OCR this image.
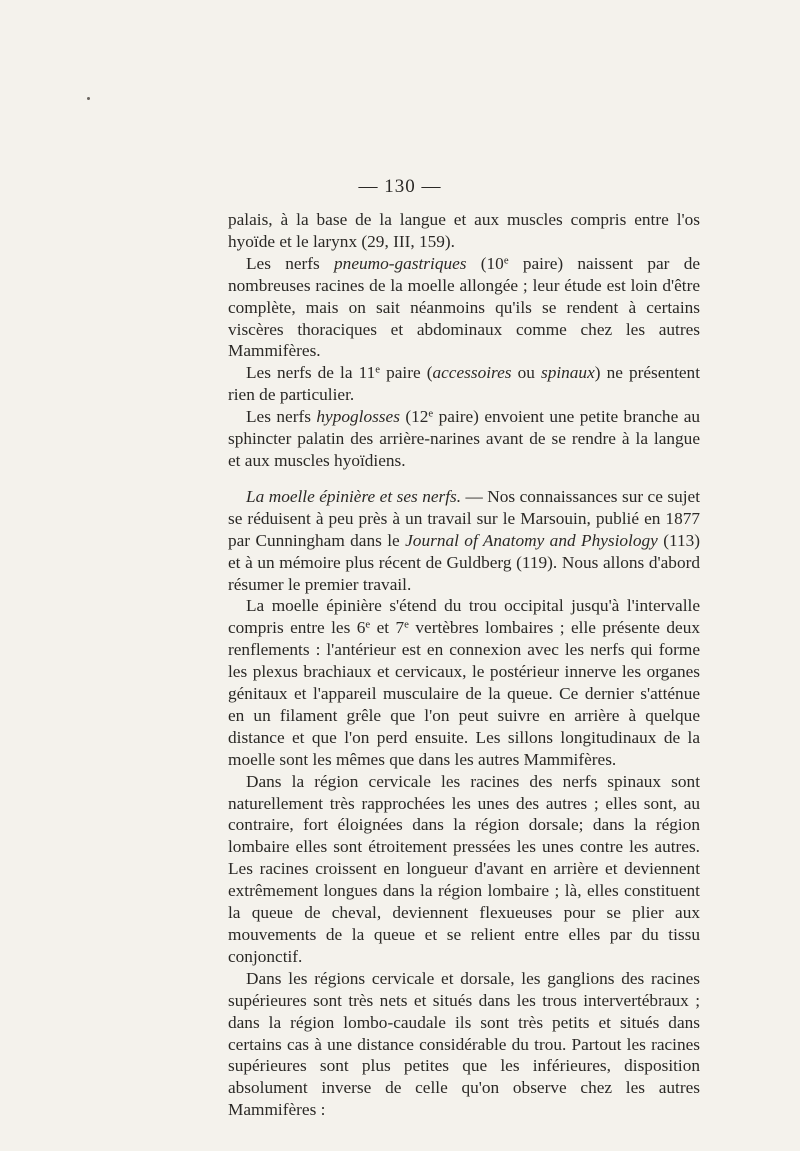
— 130 —

palais, à la base de la langue et aux muscles compris entre l'os hyoïde et le larynx (29, III, 159).

Les nerfs pneumo-gastriques (10e paire) naissent par de nombreuses racines de la moelle allongée ; leur étude est loin d'être complète, mais on sait néanmoins qu'ils se rendent à certains viscères thoraciques et abdominaux comme chez les autres Mammifères.

Les nerfs de la 11e paire (accessoires ou spinaux) ne présentent rien de particulier.

Les nerfs hypoglosses (12e paire) envoient une petite branche au sphincter palatin des arrière-narines avant de se rendre à la langue et aux muscles hyoïdiens.

La moelle épinière et ses nerfs. — Nos connaissances sur ce sujet se réduisent à peu près à un travail sur le Marsouin, publié en 1877 par Cunningham dans le Journal of Anatomy and Physiology (113) et à un mémoire plus récent de Guldberg (119). Nous allons d'abord résumer le premier travail.

La moelle épinière s'étend du trou occipital jusqu'à l'intervalle compris entre les 6e et 7e vertèbres lombaires ; elle présente deux renflements : l'antérieur est en connexion avec les nerfs qui forme les plexus brachiaux et cervicaux, le postérieur innerve les organes génitaux et l'appareil musculaire de la queue. Ce dernier s'atténue en un filament grêle que l'on peut suivre en arrière à quelque distance et que l'on perd ensuite. Les sillons longitudinaux de la moelle sont les mêmes que dans les autres Mammifères.

Dans la région cervicale les racines des nerfs spinaux sont naturellement très rapprochées les unes des autres ; elles sont, au contraire, fort éloignées dans la région dorsale; dans la région lombaire elles sont étroitement pressées les unes contre les autres. Les racines croissent en longueur d'avant en arrière et deviennent extrêmement longues dans la région lombaire ; là, elles constituent la queue de cheval, deviennent flexueuses pour se plier aux mouvements de la queue et se relient entre elles par du tissu conjonctif.

Dans les régions cervicale et dorsale, les ganglions des racines supérieures sont très nets et situés dans les trous intervertébraux ; dans la région lombo-caudale ils sont très petits et situés dans certains cas à une distance considérable du trou. Partout les racines supérieures sont plus petites que les inférieures, disposition absolument inverse de celle qu'on observe chez les autres Mammifères :
